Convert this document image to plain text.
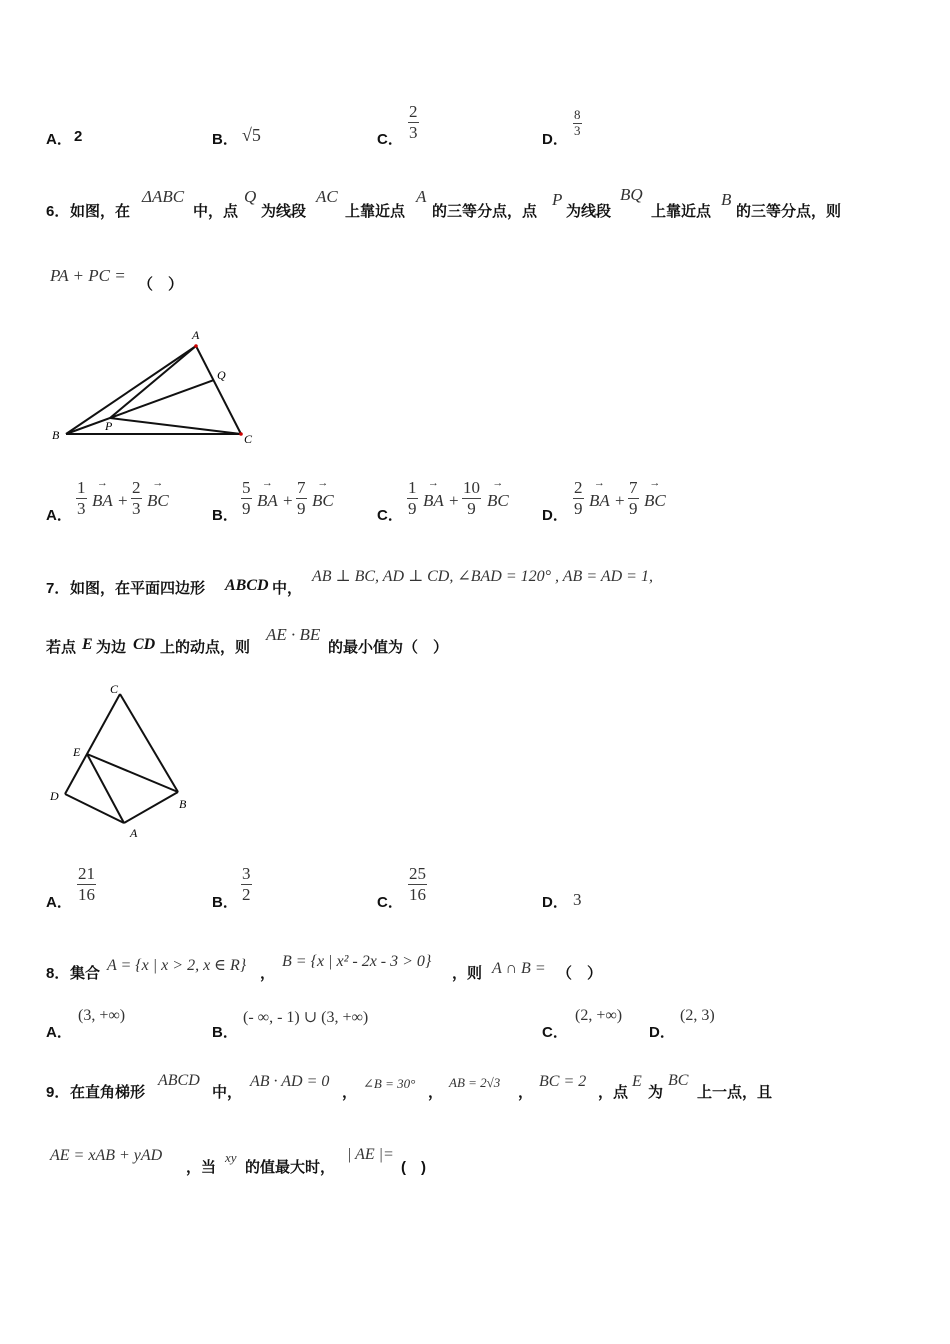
A． 2	B． √5	C． $\frac{2}{3}$	D．
$\frac{8}{3}$
6． 如图，在
ΔABC
中，点
Q
为线段
AC
上靠近点
A
的三等分点，点
P
为线段
BQ
上靠近点
B
的三等分点，则
PA + PC = （　）
A
B	C
P
Q
A． $\frac{1}{3}$ → BA + $\frac{2}{3}$ → BC
B． $\frac{5}{9}$ → BA + $\frac{7}{9}$ → BC
C． $\frac{1}{9}$ → BA + $\frac{10}{9}$ → BC
D． $\frac{2}{9}$ → BA + $\frac{7}{9}$ → BC
7． 如图，在平面四边形 ABCD 中，
AB ⊥ BC, AD ⊥ CD, ∠BAD = 120° , AB = AD = 1,
若点 E 为边 CD 上的动点，则
AE · BE
的最小值为（　）
C
E
D
B
A
A． $\frac{21}{16}$	B． $\frac{3}{2}$	C． $\frac{25}{16}$	D． 3
8． 集合 A = {x | x > 2, x ∈ R} ，
B = {x | x² - 2x - 3 > 0}
，则 A ∩ B = （　）
A．
(3, +∞)
B．
(- ∞, - 1) ∪ (3, +∞)
C．
(2, +∞)
D．
(2, 3)
9． 在直角梯形
ABCD
中，
AB · AD = 0
，
∠B = 30°
，
AB = 2√3
，
BC = 2
，点
E
为
BC
上一点，且
AE = xAB + yAD
，当
xy
的值最大时，
| AE |=
(　)
